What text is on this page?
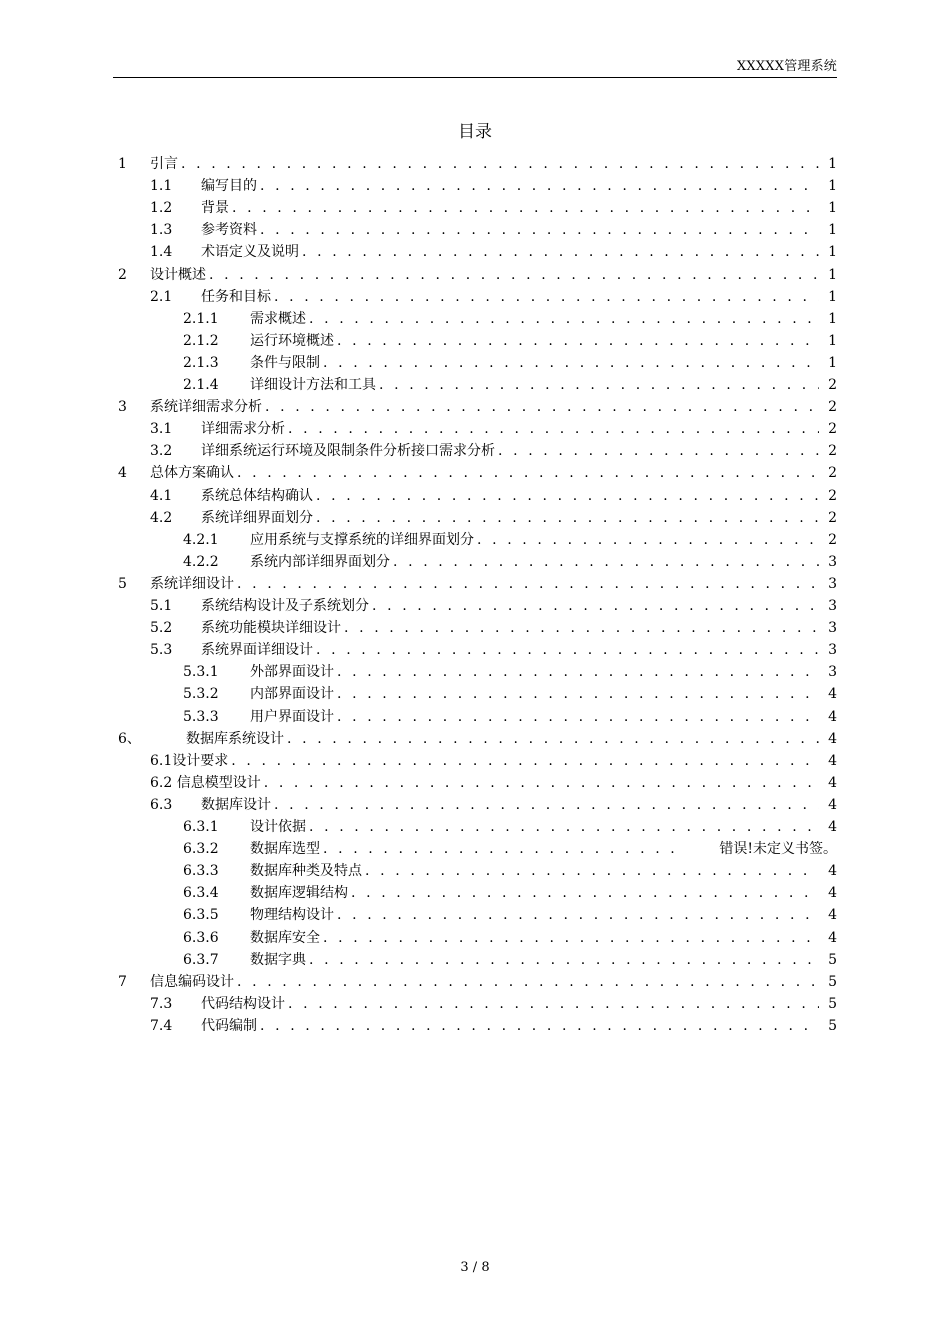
XXXXX管理系统
目录
1 引言 . . .	1
1.1 编写目的 . . .	1
1.2 背景 . . .	1
1.3 参考资料 . . .	1
1.4 术语定义及说明 . . .	1
2 设计概述 . . .	1
2.1 任务和目标 . . .	1
2.1.1 需求概述 . . .	1
2.1.2 运行环境概述 . . .	1
2.1.3 条件与限制 . . .	1
2.1.4 详细设计方法和工具 . . .	2
3 系统详细需求分析 . . .	2
3.1 详细需求分析 . . .	2
3.2 详细系统运行环境及限制条件分析接口需求分析 . . .	2
4 总体方案确认 . . .	2
4.1 系统总体结构确认 . . .	2
4.2 系统详细界面划分 . . .	2
4.2.1 应用系统与支撑系统的详细界面划分 . . .	2
4.2.2 系统内部详细界面划分 . . .	3
5 系统详细设计 . . .	3
5.1 系统结构设计及子系统划分 . . .	3
5.2 系统功能模块详细设计 . . .	3
5.3 系统界面详细设计 . . .	3
5.3.1 外部界面设计 . . .	3
5.3.2 内部界面设计 . . .	4
5.3.3 用户界面设计 . . .	4
6、	数据库系统设计 . . .	4
6.1设计要求 . . .	4
6.2 信息模型设计 . . .	4
6.3 数据库设计 . . .	4
6.3.1 设计依据 . . .	4
6.3.2 数据库选型 . . .	错误!未定义书签。
6.3.3 数据库种类及特点 . . .	4
6.3.4 数据库逻辑结构 . . .	4
6.3.5 物理结构设计 . . .	4
6.3.6 数据库安全 . . .	4
6.3.7 数据字典 . . .	5
7 信息编码设计 . . .	5
7.3 代码结构设计 . . .	5
7.4 代码编制 . . .	5
3 / 8
